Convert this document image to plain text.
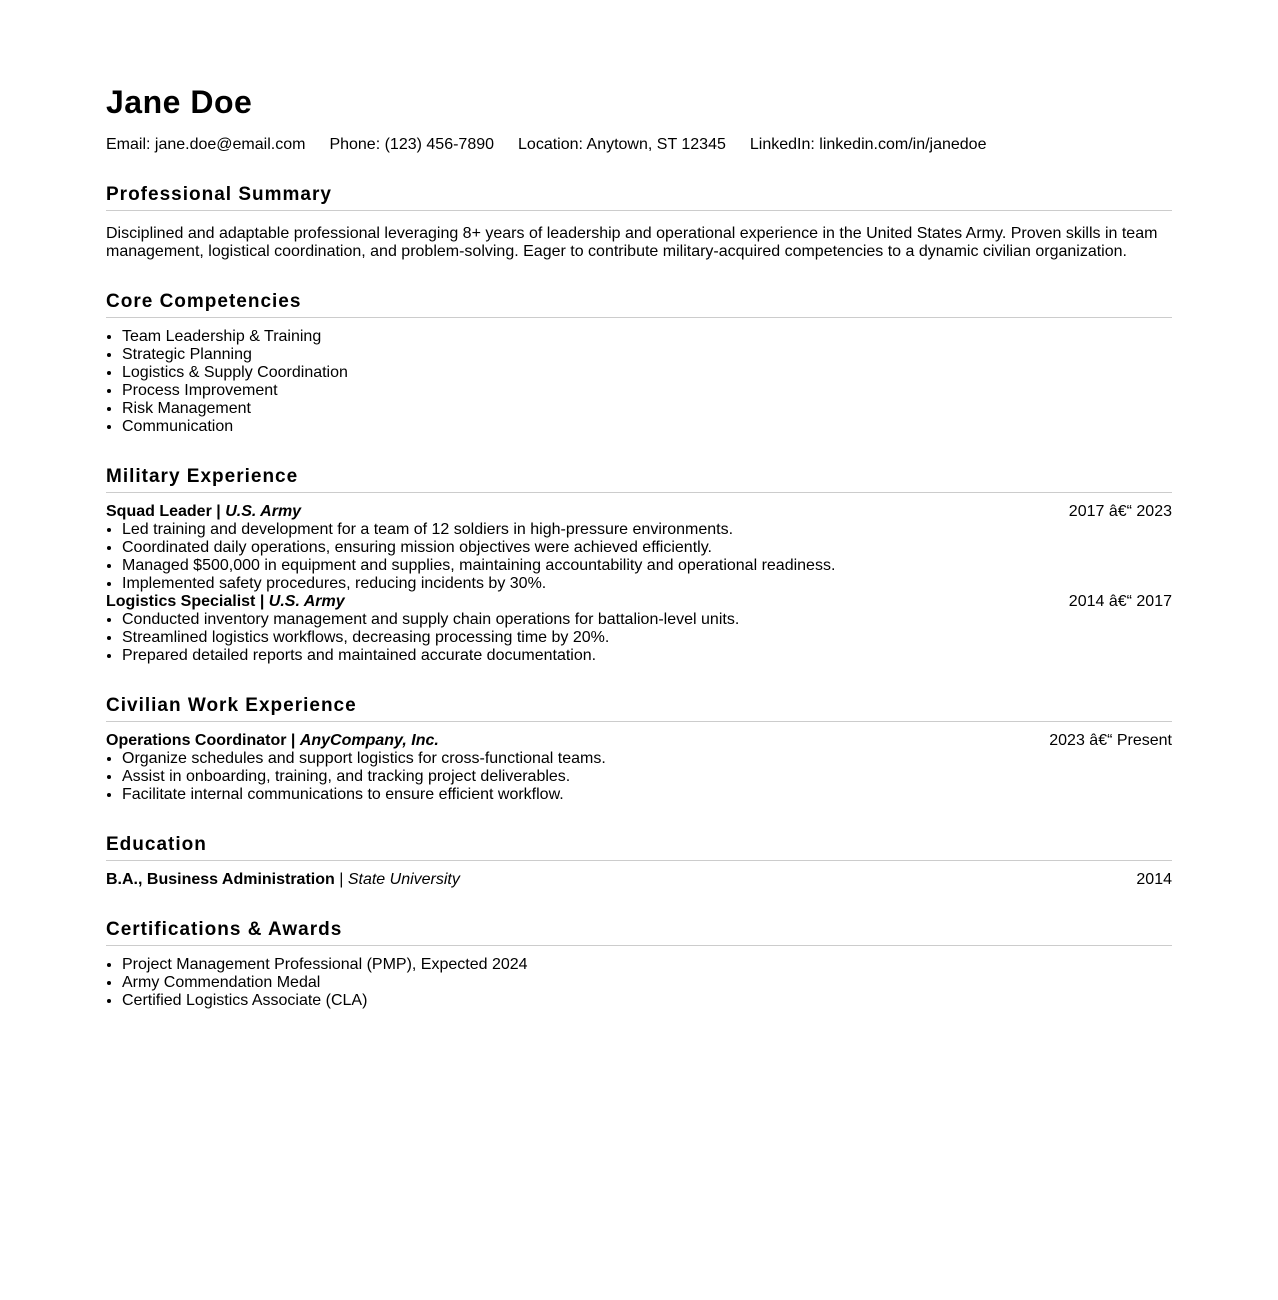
Jane Doe
Email: jane.doe@email.com Phone: (123) 456-7890 Location: Anytown, ST 12345 LinkedIn: linkedin.com/in/janedoe
Professional Summary

Disciplined and adaptable professional leveraging 8+ years of leadership and operational experience in the United States Army. Proven skills in team management, logistical coordination, and problem-solving. Eager to contribute military-acquired competencies to a dynamic civilian organization.

Core Competencies
• Team Leadership & Training
• Strategic Planning
• Logistics & Supply Coordination
• Process Improvement
• Risk Management
• Communication
Military Experience
Squad Leader | U.S. Army	2017 â€“ 2023
• Led training and development for a team of 12 soldiers in high-pressure environments.
• Coordinated daily operations, ensuring mission objectives were achieved efficiently.
• Managed $500,000 in equipment and supplies, maintaining accountability and operational readiness.
• Implemented safety procedures, reducing incidents by 30%.
Logistics Specialist | U.S. Army	2014 â€“ 2017
• Conducted inventory management and supply chain operations for battalion-level units.
• Streamlined logistics workflows, decreasing processing time by 20%.
• Prepared detailed reports and maintained accurate documentation.
Civilian Work Experience
Operations Coordinator | AnyCompany, Inc.	2023 â€“ Present
• Organize schedules and support logistics for cross-functional teams.
• Assist in onboarding, training, and tracking project deliverables.
• Facilitate internal communications to ensure efficient workflow.
Education
B.A., Business Administration | State University	2014
Certifications & Awards
• Project Management Professional (PMP), Expected 2024
• Army Commendation Medal
• Certified Logistics Associate (CLA)
